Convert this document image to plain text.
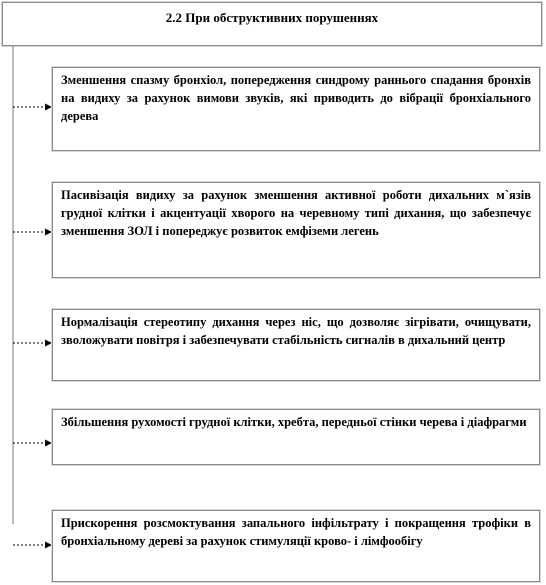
2.2 При обструктивних порушеннях
Зменшення спазму бронхіол, попередження синдрому раннього спадання бронхів на видиху за рахунок вимови звуків, які приводить до вібрації бронхіального дерева
Пасивізація видиху за рахунок зменшення активної роботи дихальних м`язів грудної клітки і акцентуації хворого на черевному типі дихання, що забезпечує зменшення ЗОЛ і попереджує розвиток емфіземи легень
Нормалізація стереотипу дихання через ніс, що дозволяє зігрівати, очищувати, зволожувати повітря і забезпечувати стабільність сигналів в дихальний центр
Збільшення рухомості грудної клітки, хребта, передньої стінки черева і діафрагми
Прискорення розсмоктування запального інфільтрату і покращення трофіки в бронхіальному дереві за рахунок стимуляції крово- і лімфообігу
